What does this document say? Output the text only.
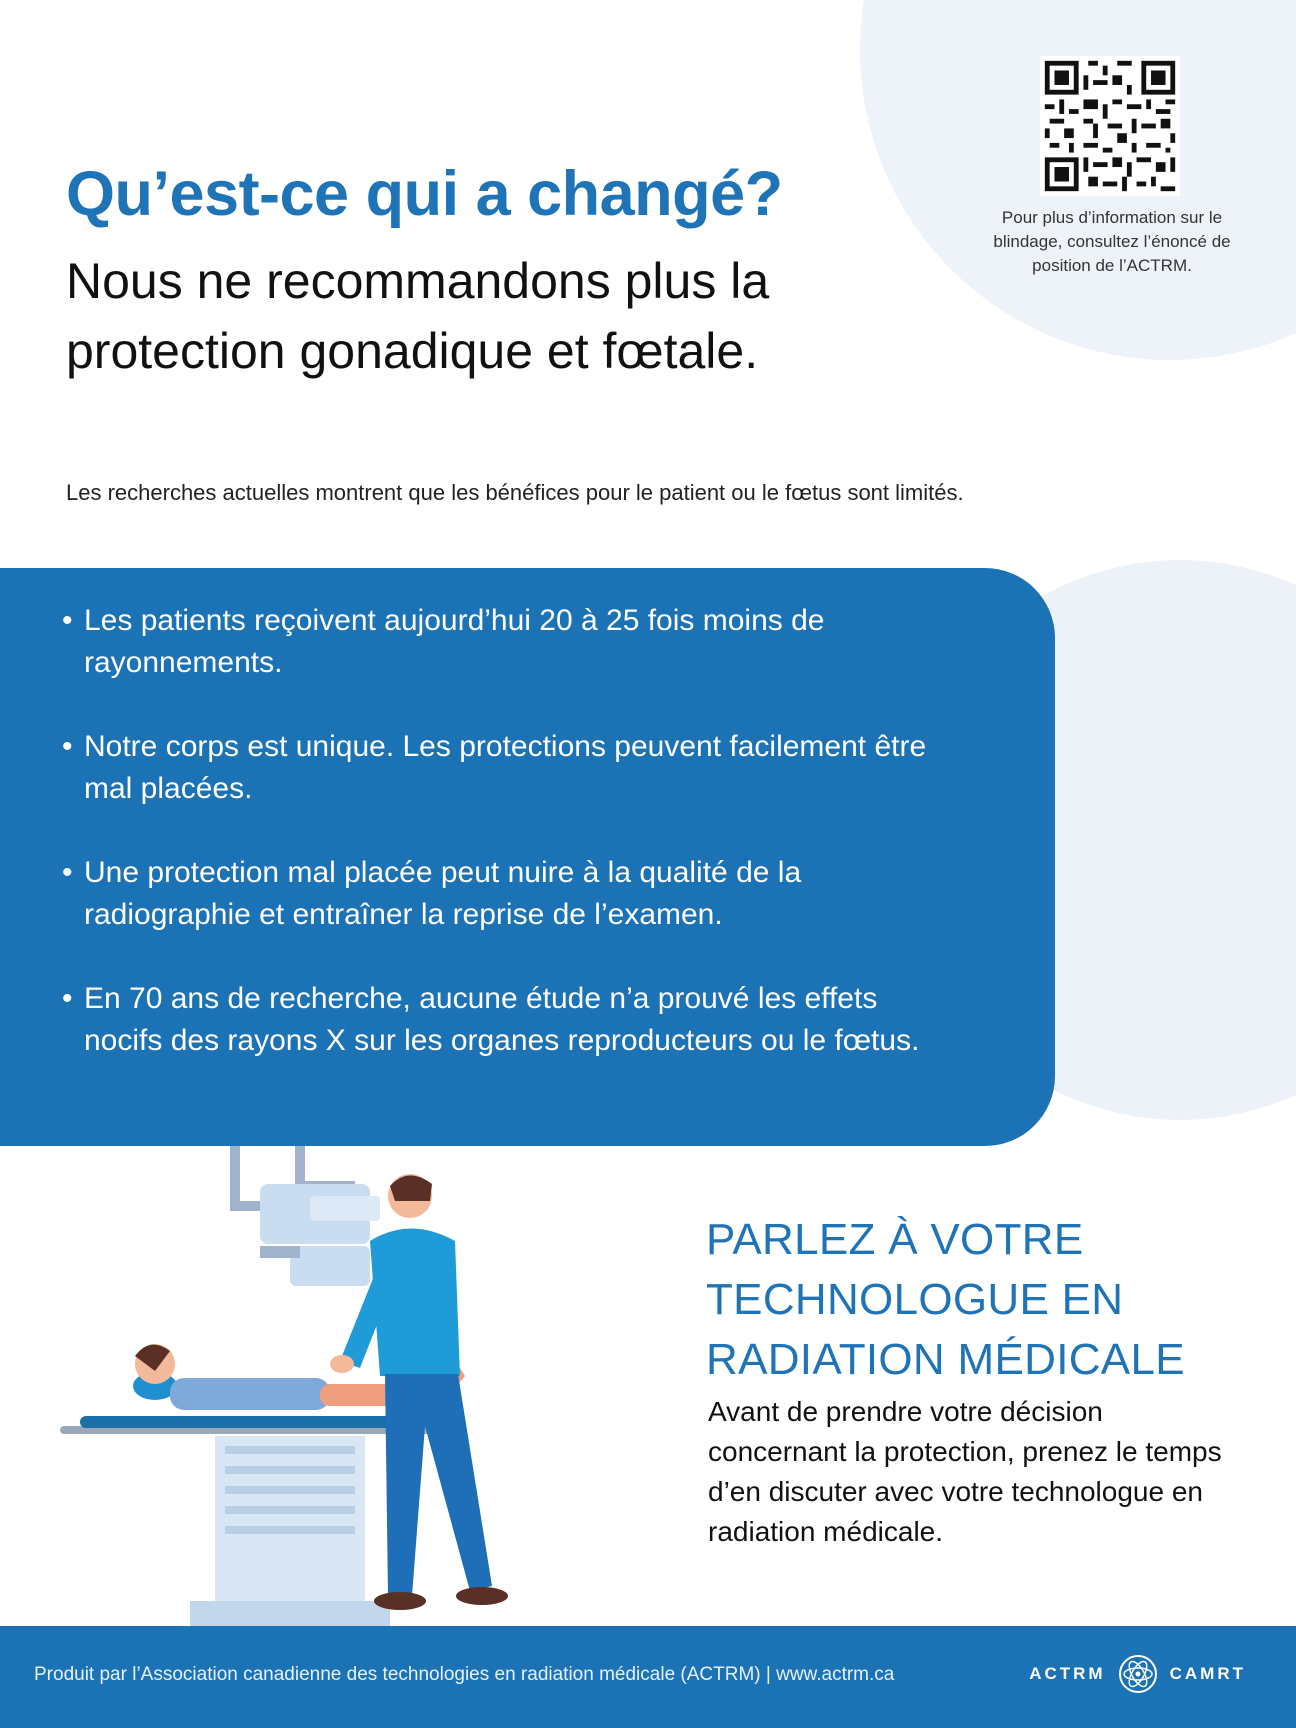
Pour plus d’information sur le blindage, consultez l’énoncé de position de l’ACTRM.
Qu’est-ce qui a changé?
Nous ne recommandons plus la protection gonadique et fœtale.

Les recherches actuelles montrent que les bénéfices pour le patient ou le fœtus sont limités.

• Les patients reçoivent aujourd’hui 20 à 25 fois moins de rayonnements.
• Notre corps est unique. Les protections peuvent facilement être mal placées.
• Une protection mal placée peut nuire à la qualité de la radiographie et entraîner la reprise de l’examen.
• En 70 ans de recherche, aucune étude n’a prouvé les effets nocifs des rayons X sur les organes reproducteurs ou le fœtus.
PARLEZ À VOTRE TECHNOLOGUE EN RADIATION MÉDICALE

Avant de prendre votre décision concernant la protection, prenez le temps d’en discuter avec votre technologue en radiation médicale.

Produit par l’Association canadienne des technologies en radiation médicale (ACTRM) | www.actrm.ca	ACTRM	CAMRT
